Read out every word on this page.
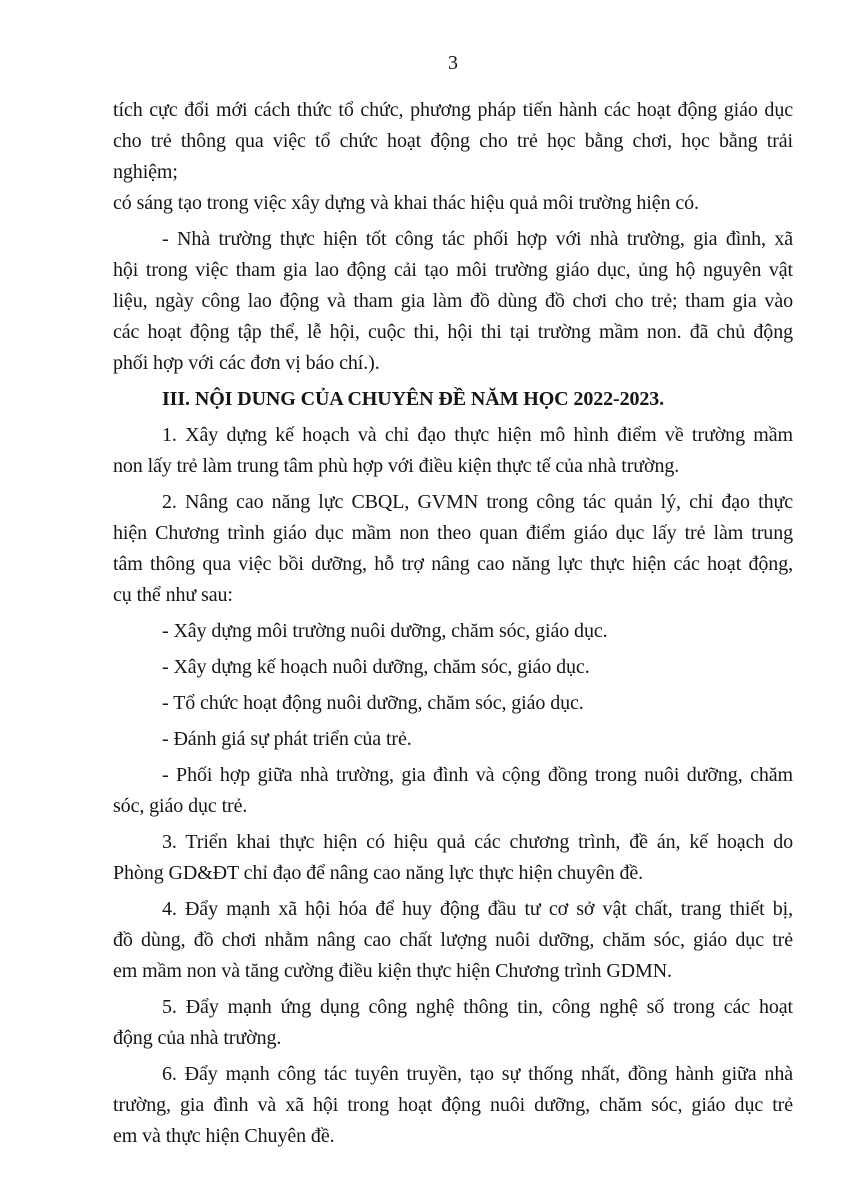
3
tích cực đổi mới cách thức tổ chức, phương pháp tiến hành các hoạt động giáo dục
cho trẻ thông qua việc tổ chức hoạt động cho trẻ học bằng chơi, học bằng trải nghiệm;
có sáng tạo trong việc xây dựng và khai thác hiệu quả môi trường hiện có.
- Nhà trường thực hiện tốt công tác phối hợp với nhà trường, gia đình, xã
hội trong việc tham gia lao động cải tạo môi trường giáo dục, ủng hộ nguyên vật
liệu, ngày công lao động và tham gia làm đồ dùng đồ chơi cho trẻ; tham gia vào
các hoạt động tập thể, lễ hội, cuộc thi, hội thi tại trường mầm non. đã chủ động
phối hợp với các đơn vị báo chí.).
III. NỘI DUNG CỦA CHUYÊN ĐỀ NĂM HỌC 2022-2023.
1. Xây dựng kế hoạch và chỉ đạo thực hiện mô hình điểm về trường mầm
non lấy trẻ làm trung tâm phù hợp với điều kiện thực tế của nhà trường.
2. Nâng cao năng lực CBQL, GVMN trong công tác quản lý, chỉ đạo thực
hiện Chương trình giáo dục mầm non theo quan điểm giáo dục lấy trẻ làm trung
tâm thông qua việc bồi dưỡng, hỗ trợ nâng cao năng lực thực hiện các hoạt động,
cụ thể như sau:
- Xây dựng môi trường nuôi dưỡng, chăm sóc, giáo dục.
- Xây dựng kế hoạch nuôi dưỡng, chăm sóc, giáo dục.
- Tổ chức hoạt động nuôi dưỡng, chăm sóc, giáo dục.
- Đánh giá sự phát triển của trẻ.
- Phối hợp giữa nhà trường, gia đình và cộng đồng trong nuôi dưỡng, chăm
sóc, giáo dục trẻ.
3. Triển khai thực hiện có hiệu quả các chương trình, đề án, kế hoạch do
Phòng GD&ĐT chỉ đạo để nâng cao năng lực thực hiện chuyên đề.
4. Đẩy mạnh xã hội hóa để huy động đầu tư cơ sở vật chất, trang thiết bị,
đồ dùng, đồ chơi nhằm nâng cao chất lượng nuôi dưỡng, chăm sóc, giáo dục trẻ
em mầm non và tăng cường điều kiện thực hiện Chương trình GDMN.
5. Đẩy mạnh ứng dụng công nghệ thông tin, công nghệ số trong các hoạt
động của nhà trường.
6. Đẩy mạnh công tác tuyên truyền, tạo sự thống nhất, đồng hành giữa nhà
trường, gia đình và xã hội trong hoạt động nuôi dưỡng, chăm sóc, giáo dục trẻ
em và thực hiện Chuyên đề.
